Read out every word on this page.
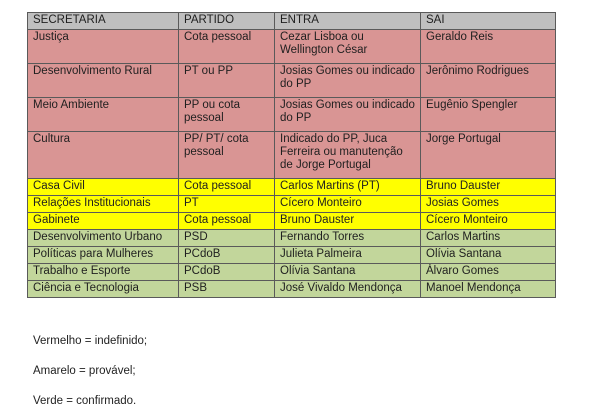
SECRETARIA	PARTIDO	ENTRA	SAI
Justiça	Cota pessoal	Cezar Lisboa ou Wellington César	Geraldo Reis
Desenvolvimento Rural	PT ou PP	Josias Gomes ou indicado do PP	Jerônimo Rodrigues
Meio Ambiente	PP ou cota pessoal	Josias Gomes ou indicado do PP	Eugênio Spengler
Cultura	PP/ PT/ cota pessoal	Indicado do PP, Juca Ferreira ou manutenção de Jorge Portugal	Jorge Portugal
Casa Civil	Cota pessoal	Carlos Martins (PT)	Bruno Dauster
Relações Institucionais	PT	Cícero Monteiro	Josias Gomes
Gabinete	Cota pessoal	Bruno Dauster	Cícero Monteiro
Desenvolvimento Urbano	PSD	Fernando Torres	Carlos Martins
Políticas para Mulheres	PCdoB	Julieta Palmeira	Olívia Santana
Trabalho e Esporte	PCdoB	Olívia Santana	Álvaro Gomes
Ciência e Tecnologia	PSB	José Vivaldo Mendonça	Manoel Mendonça
Vermelho = indefinido;
Amarelo = provável;
Verde = confirmado.
